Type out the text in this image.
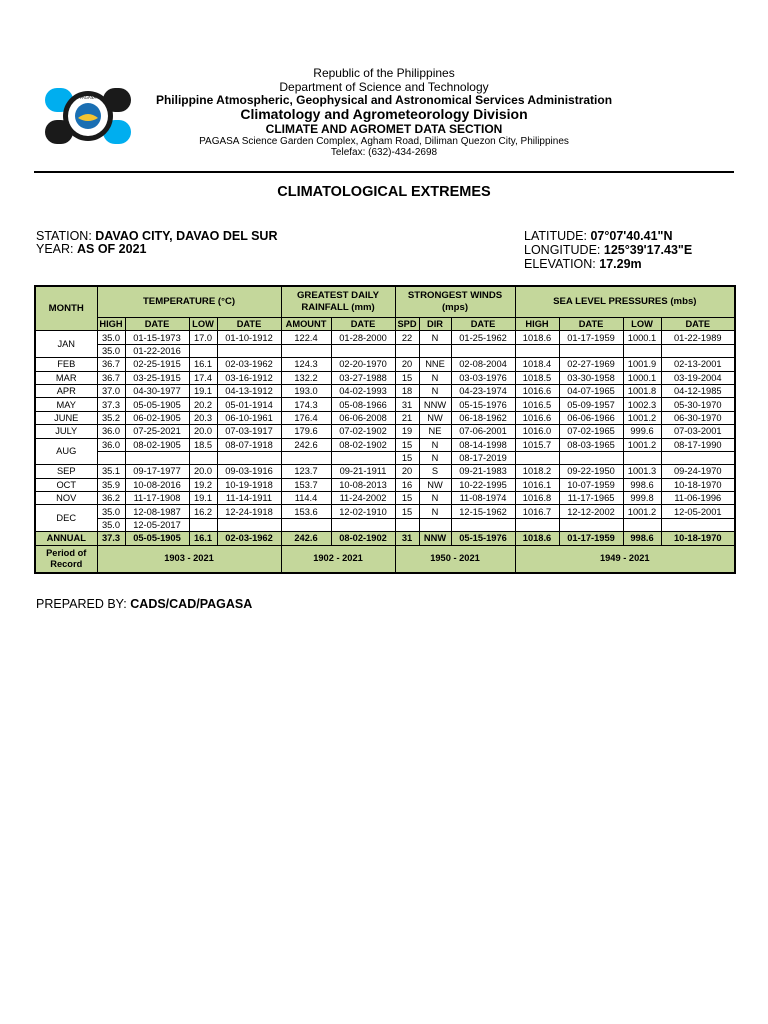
PAGASA
Republic of the Philippines
Department of Science and Technology
Philippine Atmospheric, Geophysical and Astronomical Services Administration
Climatology and Agrometeorology Division
CLIMATE AND AGROMET DATA SECTION
PAGASA Science Garden Complex, Agham Road, Diliman Quezon City, Philippines
Telefax: (632)-434-2698
CLIMATOLOGICAL EXTREMES
STATION: DAVAO CITY, DAVAO DEL SUR
YEAR: AS OF 2021
LATITUDE: 07°07'40.41"N
LONGITUDE: 125°39'17.43"E
ELEVATION: 17.29m
MONTH	TEMPERATURE (°C)				GREATEST DAILY RAINFALL (mm)		STRONGEST WINDS (mps)			SEA LEVEL PRESSURES (mbs)			
	HIGH	DATE	LOW	DATE	AMOUNT	DATE	SPD	DIR	DATE	HIGH	DATE	LOW	DATE
JAN	35.0	01-15-1973	17.0	01-10-1912	122.4	01-28-2000	22	N	01-25-1962	1018.6	01-17-1959	1000.1	01-22-1989
	35.0	01-22-2016											
FEB	36.7	02-25-1915	16.1	02-03-1962	124.3	02-20-1970	20	NNE	02-08-2004	1018.4	02-27-1969	1001.9	02-13-2001
MAR	36.7	03-25-1915	17.4	03-16-1912	132.2	03-27-1988	15	N	03-03-1976	1018.5	03-30-1958	1000.1	03-19-2004
APR	37.0	04-30-1977	19.1	04-13-1912	193.0	04-02-1993	18	N	04-23-1974	1016.6	04-07-1965	1001.8	04-12-1985
MAY	37.3	05-05-1905	20.2	05-01-1914	174.3	05-08-1966	31	NNW	05-15-1976	1016.5	05-09-1957	1002.3	05-30-1970
JUNE	35.2	06-02-1905	20.3	06-10-1961	176.4	06-06-2008	21	NW	06-18-1962	1016.6	06-06-1966	1001.2	06-30-1970
JULY	36.0	07-25-2021	20.0	07-03-1917	179.6	07-02-1902	19	NE	07-06-2001	1016.0	07-02-1965	999.6	07-03-2001
AUG	36.0	08-02-1905	18.5	08-07-1918	242.6	08-02-1902	15	N	08-14-1998	1015.7	08-03-1965	1001.2	08-17-1990
							15	N	08-17-2019				
SEP	35.1	09-17-1977	20.0	09-03-1916	123.7	09-21-1911	20	S	09-21-1983	1018.2	09-22-1950	1001.3	09-24-1970
OCT	35.9	10-08-2016	19.2	10-19-1918	153.7	10-08-2013	16	NW	10-22-1995	1016.1	10-07-1959	998.6	10-18-1970
NOV	36.2	11-17-1908	19.1	11-14-1911	114.4	11-24-2002	15	N	11-08-1974	1016.8	11-17-1965	999.8	11-06-1996
DEC	35.0	12-08-1987	16.2	12-24-1918	153.6	12-02-1910	15	N	12-15-1962	1016.7	12-12-2002	1001.2	12-05-2001
	35.0	12-05-2017											
ANNUAL	37.3	05-05-1905	16.1	02-03-1962	242.6	08-02-1902	31	NNW	05-15-1976	1018.6	01-17-1959	998.6	10-18-1970
Period of Record	1903 - 2021				1902 - 2021		1950 - 2021			1949 - 2021			
PREPARED BY: CADS/CAD/PAGASA
